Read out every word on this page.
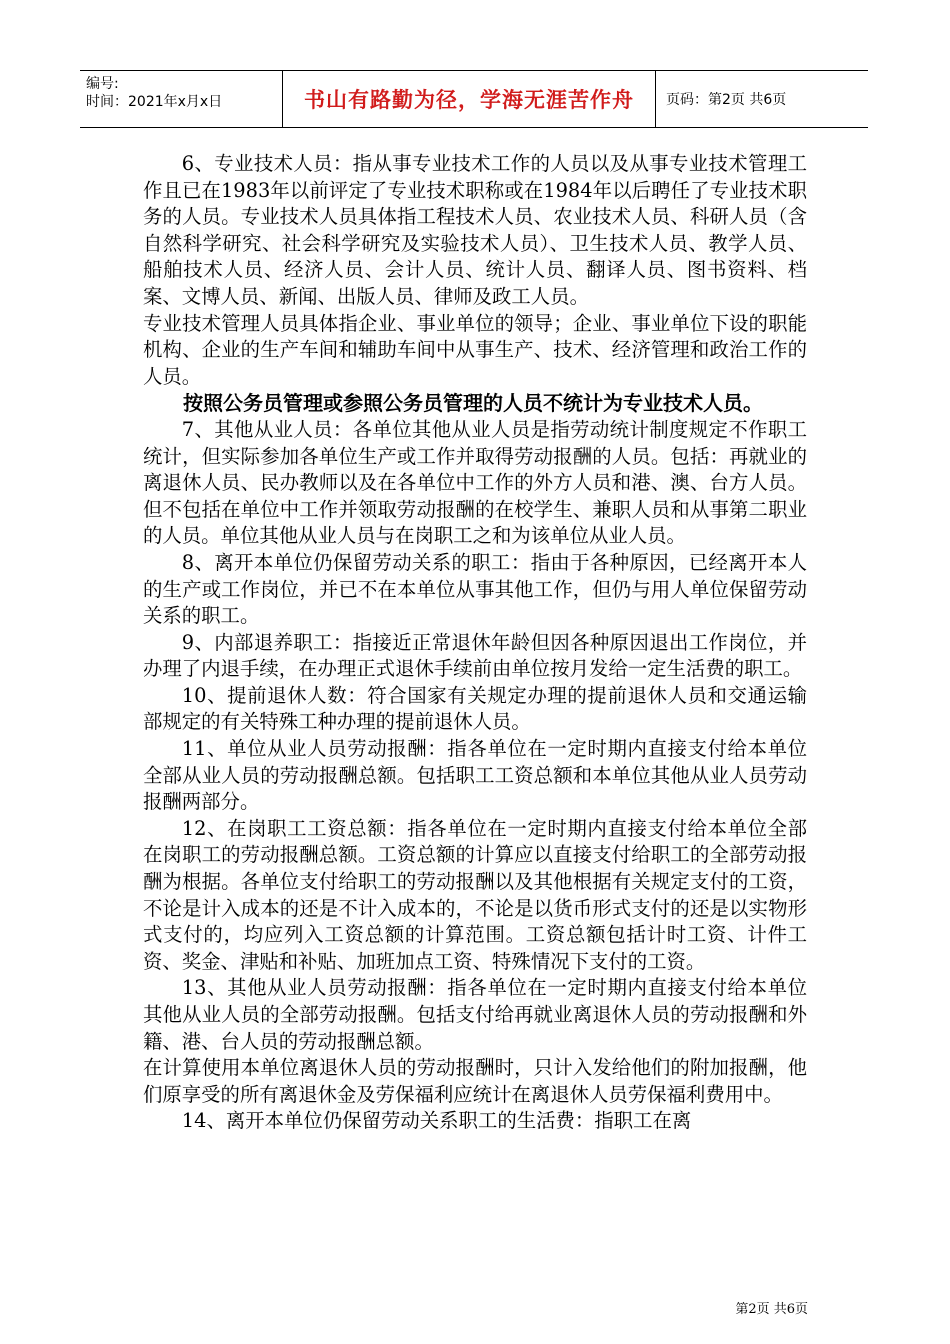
编号:
时间：2021年x月x日	书山有路勤为径，学海无涯苦作舟	页码：第2页 共6页

6、专业技术人员：指从事专业技术工作的人员以及从事专业技术管理工作且已在1983年以前评定了专业技术职称或在1984年以后聘任了专业技术职务的人员。专业技术人员具体指工程技术人员、农业技术人员、科研人员（含自然科学研究、社会科学研究及实验技术人员）、卫生技术人员、教学人员、船舶技术人员、经济人员、会计人员、统计人员、翻译人员、图书资料、档案、文博人员、新闻、出版人员、律师及政工人员。

专业技术管理人员具体指企业、事业单位的领导；企业、事业单位下设的职能机构、企业的生产车间和辅助车间中从事生产、技术、经济管理和政治工作的人员。

按照公务员管理或参照公务员管理的人员不统计为专业技术人员。

7、其他从业人员：各单位其他从业人员是指劳动统计制度规定不作职工统计，但实际参加各单位生产或工作并取得劳动报酬的人员。包括：再就业的离退休人员、民办教师以及在各单位中工作的外方人员和港、澳、台方人员。但不包括在单位中工作并领取劳动报酬的在校学生、兼职人员和从事第二职业的人员。单位其他从业人员与在岗职工之和为该单位从业人员。

8、离开本单位仍保留劳动关系的职工：指由于各种原因，已经离开本人的生产或工作岗位，并已不在本单位从事其他工作，但仍与用人单位保留劳动关系的职工。

9、内部退养职工：指接近正常退休年龄但因各种原因退出工作岗位，并办理了内退手续，在办理正式退休手续前由单位按月发给一定生活费的职工。

10、提前退休人数：符合国家有关规定办理的提前退休人员和交通运输部规定的有关特殊工种办理的提前退休人员。

11、单位从业人员劳动报酬：指各单位在一定时期内直接支付给本单位全部从业人员的劳动报酬总额。包括职工工资总额和本单位其他从业人员劳动报酬两部分。

12、在岗职工工资总额：指各单位在一定时期内直接支付给本单位全部在岗职工的劳动报酬总额。工资总额的计算应以直接支付给职工的全部劳动报酬为根据。各单位支付给职工的劳动报酬以及其他根据有关规定支付的工资，不论是计入成本的还是不计入成本的，不论是以货币形式支付的还是以实物形式支付的，均应列入工资总额的计算范围。工资总额包括计时工资、计件工资、奖金、津贴和补贴、加班加点工资、特殊情况下支付的工资。

13、其他从业人员劳动报酬：指各单位在一定时期内直接支付给本单位其他从业人员的全部劳动报酬。包括支付给再就业离退休人员的劳动报酬和外籍、港、台人员的劳动报酬总额。

在计算使用本单位离退休人员的劳动报酬时，只计入发给他们的附加报酬，他们原享受的所有离退休金及劳保福利应统计在离退休人员劳保福利费用中。

14、离开本单位仍保留劳动关系职工的生活费：指职工在离

第2页 共6页
